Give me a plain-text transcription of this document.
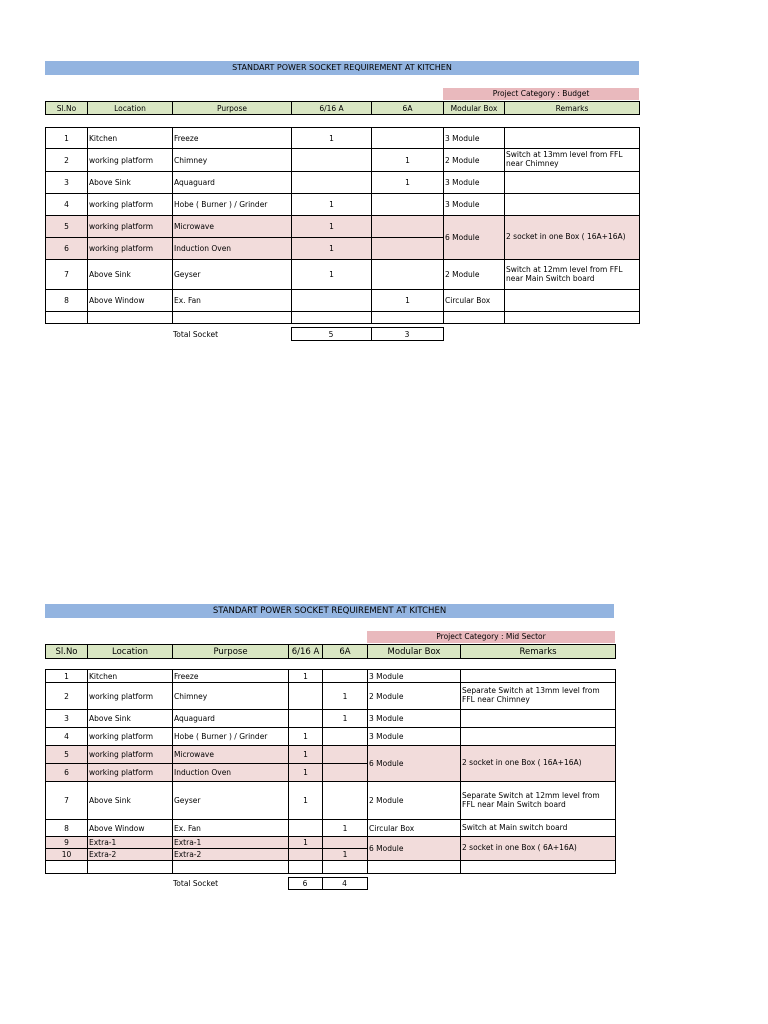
STANDART POWER SOCKET REQUIREMENT AT KITCHEN
Project Category : Budget
Sl.No	Location	Purpose	6/16 A	6A	Modular Box	Remarks
1	Kitchen	Freeze	1		3 Module	
2	working platform	Chimney		1	2 Module	Switch at 13mm level from FFL near Chimney
3	Above Sink	Aquaguard		1	3 Module	
4	working platform	Hobe ( Burner ) / Grinder	1		3 Module	
5	working platform	Microwave	1		6 Module	2 socket in one Box ( 16A+16A)
6	working platform	Induction Oven	1			
7	Above Sink	Geyser	1		2 Module	Switch at 12mm level from FFL near Main Switch board
8	Above Window	Ex. Fan		1	Circular Box	

		Total Socket	5	3
STANDART POWER SOCKET REQUIREMENT AT KITCHEN
Project Category : Mid Sector
Sl.No	Location	Purpose	6/16 A	6A	Modular Box	Remarks
1	Kitchen	Freeze	1		3 Module	
2	working platform	Chimney		1	2 Module	Separate Switch at 13mm level from FFL near Chimney
3	Above Sink	Aquaguard		1	3 Module	
4	working platform	Hobe ( Burner ) / Grinder	1		3 Module	
5	working platform	Microwave	1		6 Module	2 socket in one Box ( 16A+16A)
6	working platform	Induction Oven	1			
7	Above Sink	Geyser	1		2 Module	Separate Switch at 12mm level from FFL near Main Switch board
8	Above Window	Ex. Fan		1	Circular Box	Switch at Main switch board
9	Extra-1	Extra-1	1		6 Module	2 socket in one Box ( 6A+16A)
10	Extra-2	Extra-2		1		

		Total Socket	6	4
